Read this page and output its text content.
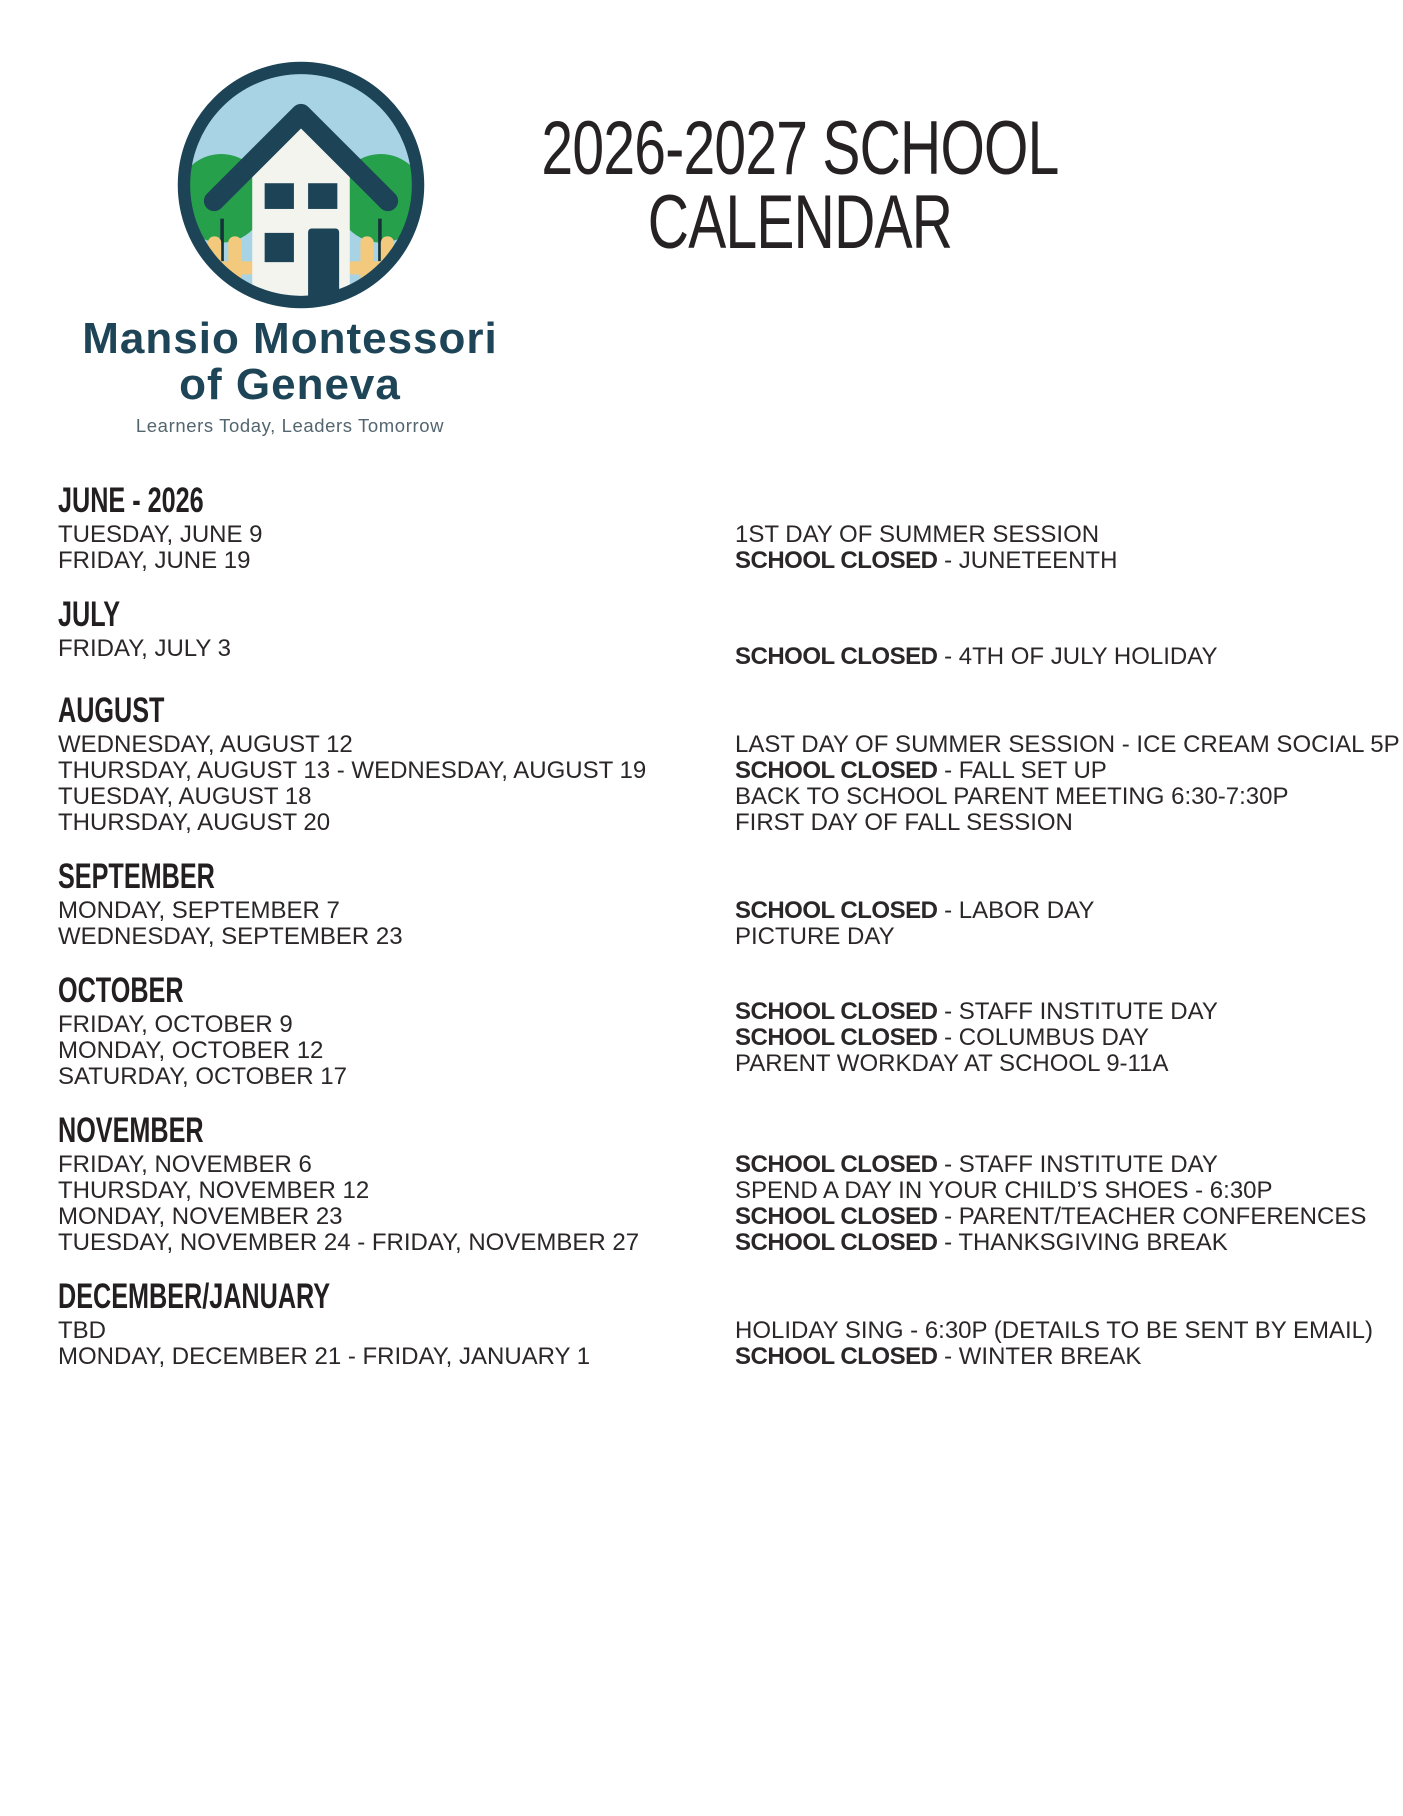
Mansio Montessori
of Geneva
Learners Today, Leaders Tomorrow
2026-2027 SCHOOL
CALENDAR
JUNE - 2026
TUESDAY, JUNE 9
FRIDAY, JUNE 19
1ST DAY OF SUMMER SESSION
SCHOOL CLOSED - JUNETEENTH
JULY
FRIDAY, JULY 3	SCHOOL CLOSED - 4TH OF JULY HOLIDAY
AUGUST
WEDNESDAY, AUGUST 12
THURSDAY, AUGUST 13 - WEDNESDAY, AUGUST 19
TUESDAY, AUGUST 18
THURSDAY, AUGUST 20
LAST DAY OF SUMMER SESSION - ICE CREAM SOCIAL 5P
SCHOOL CLOSED - FALL SET UP
BACK TO SCHOOL PARENT MEETING 6:30-7:30P
FIRST DAY OF FALL SESSION
SEPTEMBER
MONDAY, SEPTEMBER 7
WEDNESDAY, SEPTEMBER 23
SCHOOL CLOSED - LABOR DAY
PICTURE DAY
OCTOBER
FRIDAY, OCTOBER 9
MONDAY, OCTOBER 12
SATURDAY, OCTOBER 17
SCHOOL CLOSED - STAFF INSTITUTE DAY
SCHOOL CLOSED - COLUMBUS DAY
PARENT WORKDAY AT SCHOOL 9-11A
NOVEMBER
FRIDAY, NOVEMBER 6
THURSDAY, NOVEMBER 12
MONDAY, NOVEMBER 23
TUESDAY, NOVEMBER 24 - FRIDAY, NOVEMBER 27
SCHOOL CLOSED - STAFF INSTITUTE DAY
SPEND A DAY IN YOUR CHILD’S SHOES - 6:30P
SCHOOL CLOSED - PARENT/TEACHER CONFERENCES
SCHOOL CLOSED - THANKSGIVING BREAK
DECEMBER/JANUARY
TBD
MONDAY, DECEMBER 21 - FRIDAY, JANUARY 1
HOLIDAY SING - 6:30P (DETAILS TO BE SENT BY EMAIL)
SCHOOL CLOSED - WINTER BREAK
